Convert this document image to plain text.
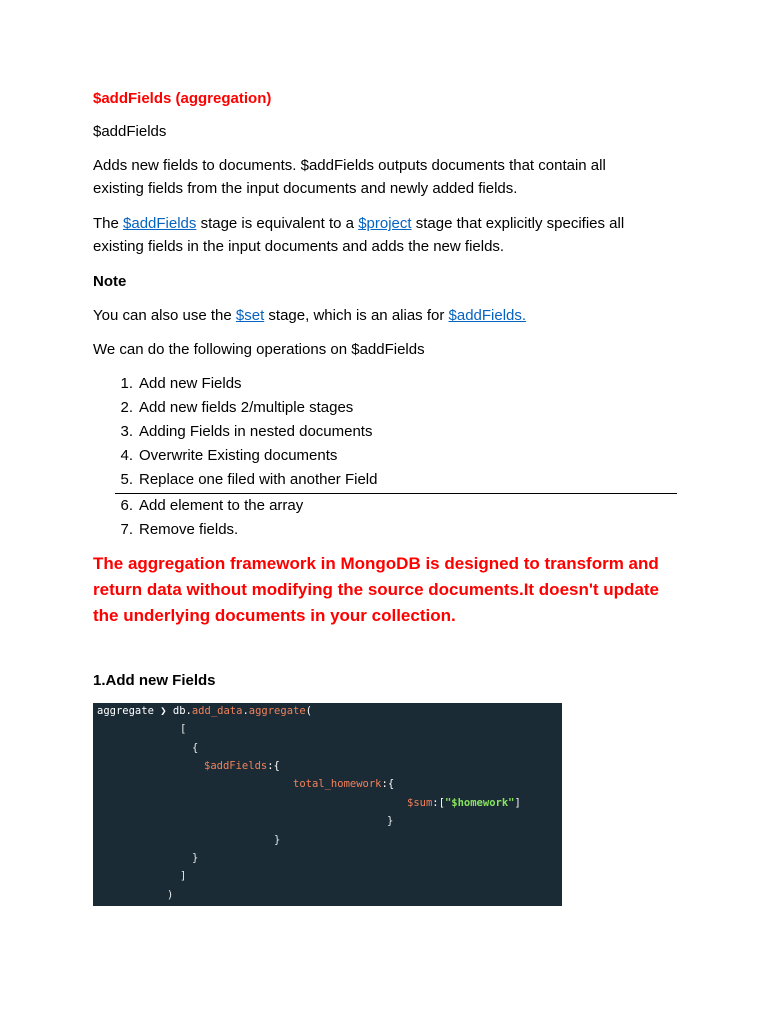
$addFields (aggregation)
$addFields
Adds new fields to documents. $addFields outputs documents that contain all
existing fields from the input documents and newly added fields.
The $addFields stage is equivalent to a $project stage that explicitly specifies all
existing fields in the input documents and adds the new fields.
Note
You can also use the $set stage, which is an alias for $addFields.
We can do the following operations on $addFields
1. Add new Fields
2. Add new fields 2/multiple stages
3. Adding Fields in nested documents
4. Overwrite Existing documents
5. Replace one filed with another Field
6. Add element to the array
7. Remove fields.
The aggregation framework in MongoDB is designed to transform and
return data without modifying the source documents.It doesn't update
the underlying documents in your collection.
1.Add new Fields
aggregate ❯ db.add_data.aggregate(
[
{
$addFields:{
total_homework:{
$sum:["$homework"]
}
}
}
]
)
